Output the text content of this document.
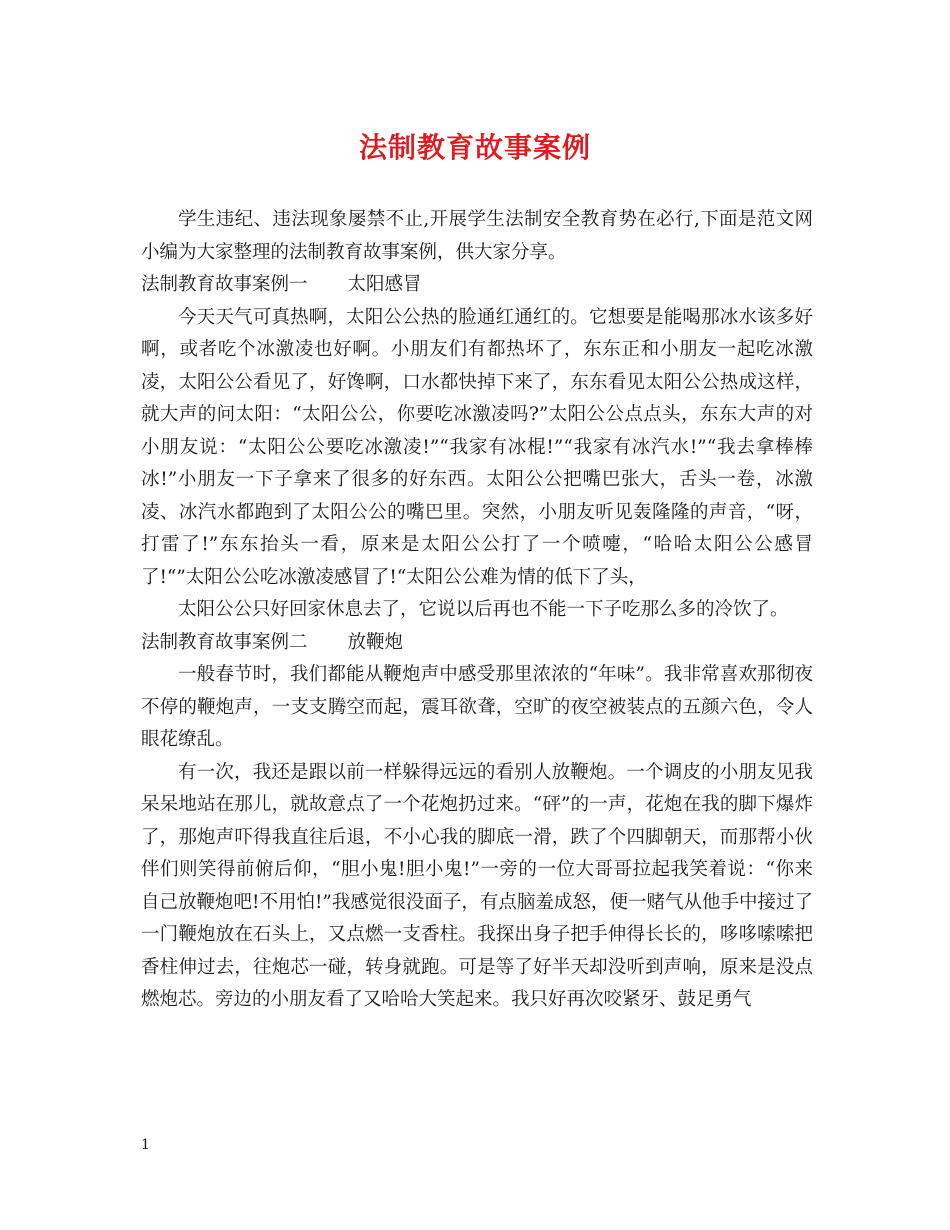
法制教育故事案例

学生违纪、违法现象屡禁不止,开展学生法制安全教育势在必行,下面是范文网小编为大家整理的法制教育故事案例，供大家分享。

法制教育故事案例一 太阳感冒

今天天气可真热啊，太阳公公热的脸通红通红的。它想要是能喝那冰水该多好啊，或者吃个冰激凌也好啊。小朋友们有都热坏了，东东正和小朋友一起吃冰激凌，太阳公公看见了，好馋啊，口水都快掉下来了，东东看见太阳公公热成这样，就大声的问太阳：“太阳公公，你要吃冰激凌吗?”太阳公公点点头，东东大声的对小朋友说：“太阳公公要吃冰激凌!”“我家有冰棍!”“我家有冰汽水!”“我去拿棒棒冰!”小朋友一下子拿来了很多的好东西。太阳公公把嘴巴张大，舌头一卷，冰激凌、冰汽水都跑到了太阳公公的嘴巴里。突然，小朋友听见轰隆隆的声音，“呀，打雷了!”东东抬头一看，原来是太阳公公打了一个喷嚏，“哈哈太阳公公感冒了!“”太阳公公吃冰激凌感冒了!“太阳公公难为情的低下了头，

太阳公公只好回家休息去了，它说以后再也不能一下子吃那么多的冷饮了。

法制教育故事案例二 放鞭炮

一般春节时，我们都能从鞭炮声中感受那里浓浓的“年味”。我非常喜欢那彻夜不停的鞭炮声，一支支腾空而起，震耳欲聋，空旷的夜空被装点的五颜六色，令人眼花缭乱。

有一次，我还是跟以前一样躲得远远的看别人放鞭炮。一个调皮的小朋友见我呆呆地站在那儿，就故意点了一个花炮扔过来。“砰”的一声，花炮在我的脚下爆炸了，那炮声吓得我直往后退，不小心我的脚底一滑，跌了个四脚朝天，而那帮小伙伴们则笑得前俯后仰，“胆小鬼!胆小鬼!”一旁的一位大哥哥拉起我笑着说：“你来自己放鞭炮吧!不用怕!”我感觉很没面子，有点脑羞成怒，便一赌气从他手中接过了一门鞭炮放在石头上，又点燃一支香柱。我探出身子把手伸得长长的，哆哆嗦嗦把香柱伸过去，往炮芯一碰，转身就跑。可是等了好半天却没听到声响，原来是没点燃炮芯。旁边的小朋友看了又哈哈大笑起来。我只好再次咬紧牙、鼓足勇气

1
